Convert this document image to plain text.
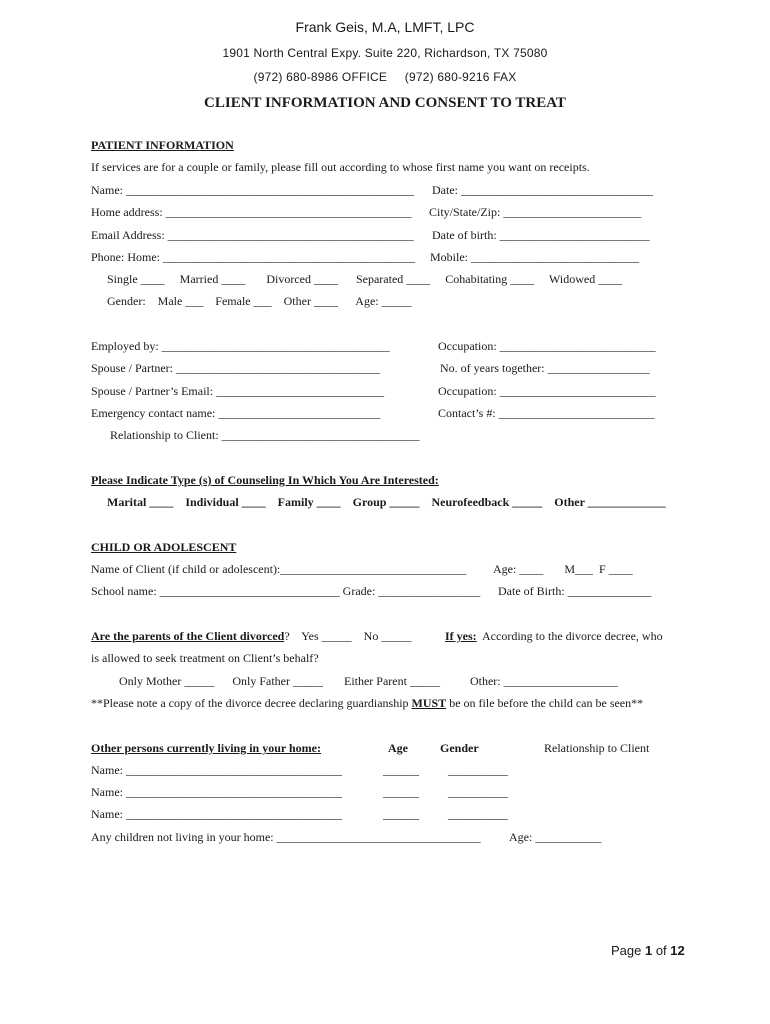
Frank Geis, M.A, LMFT, LPC
1901 North Central Expy. Suite 220, Richardson, TX 75080
(972) 680-8986 OFFICE     (972) 680-9216 FAX
CLIENT INFORMATION AND CONSENT TO TREAT
PATIENT INFORMATION
If services are for a couple or family, please fill out according to whose first name you want on receipts.
Name: ________________________________________________ Date: ________________________________
Home address: _________________________________________ City/State/Zip: _______________________
Email Address: _________________________________________ Date of birth: _________________________
Phone: Home: __________________________________________ Mobile: ____________________________
Single ____     Married ____       Divorced ____      Separated ____     Cohabitating ____     Widowed ____
Gender:    Male ___    Female ___    Other ____      Age: _____
Employed by: ______________________________________	Occupation: __________________________
Spouse / Partner: __________________________________	No. of years together: _________________
Spouse / Partner’s Email: ____________________________	Occupation: __________________________
Emergency contact name: ___________________________	Contact’s #: __________________________
Relationship to Client: _________________________________
Please Indicate Type (s) of Counseling In Which You Are Interested:
Marital ____    Individual ____    Family ____    Group _____    Neurofeedback _____    Other _____________
CHILD OR ADOLESCENT
Name of Client (if child or adolescent):_______________________________ Age: ____       M___  F ____
School name: ______________________________ Grade: _________________ Date of Birth: ______________
Are the parents of the Client divorced?    Yes _____    No _____	If yes:  According to the divorce decree, who
is allowed to seek treatment on Client’s behalf?
Only Mother _____      Only Father _____       Either Parent _____          Other: ___________________
**Please note a copy of the divorce decree declaring guardianship MUST be on file before the child can be seen**
Other persons currently living in your home:	Age	Gender	Relationship to Client
Name: ____________________________________	______ __________
Name: ____________________________________	______ __________
Name: ____________________________________	______ __________
Any children not living in your home: __________________________________ Age: ___________
Page 1 of 12
